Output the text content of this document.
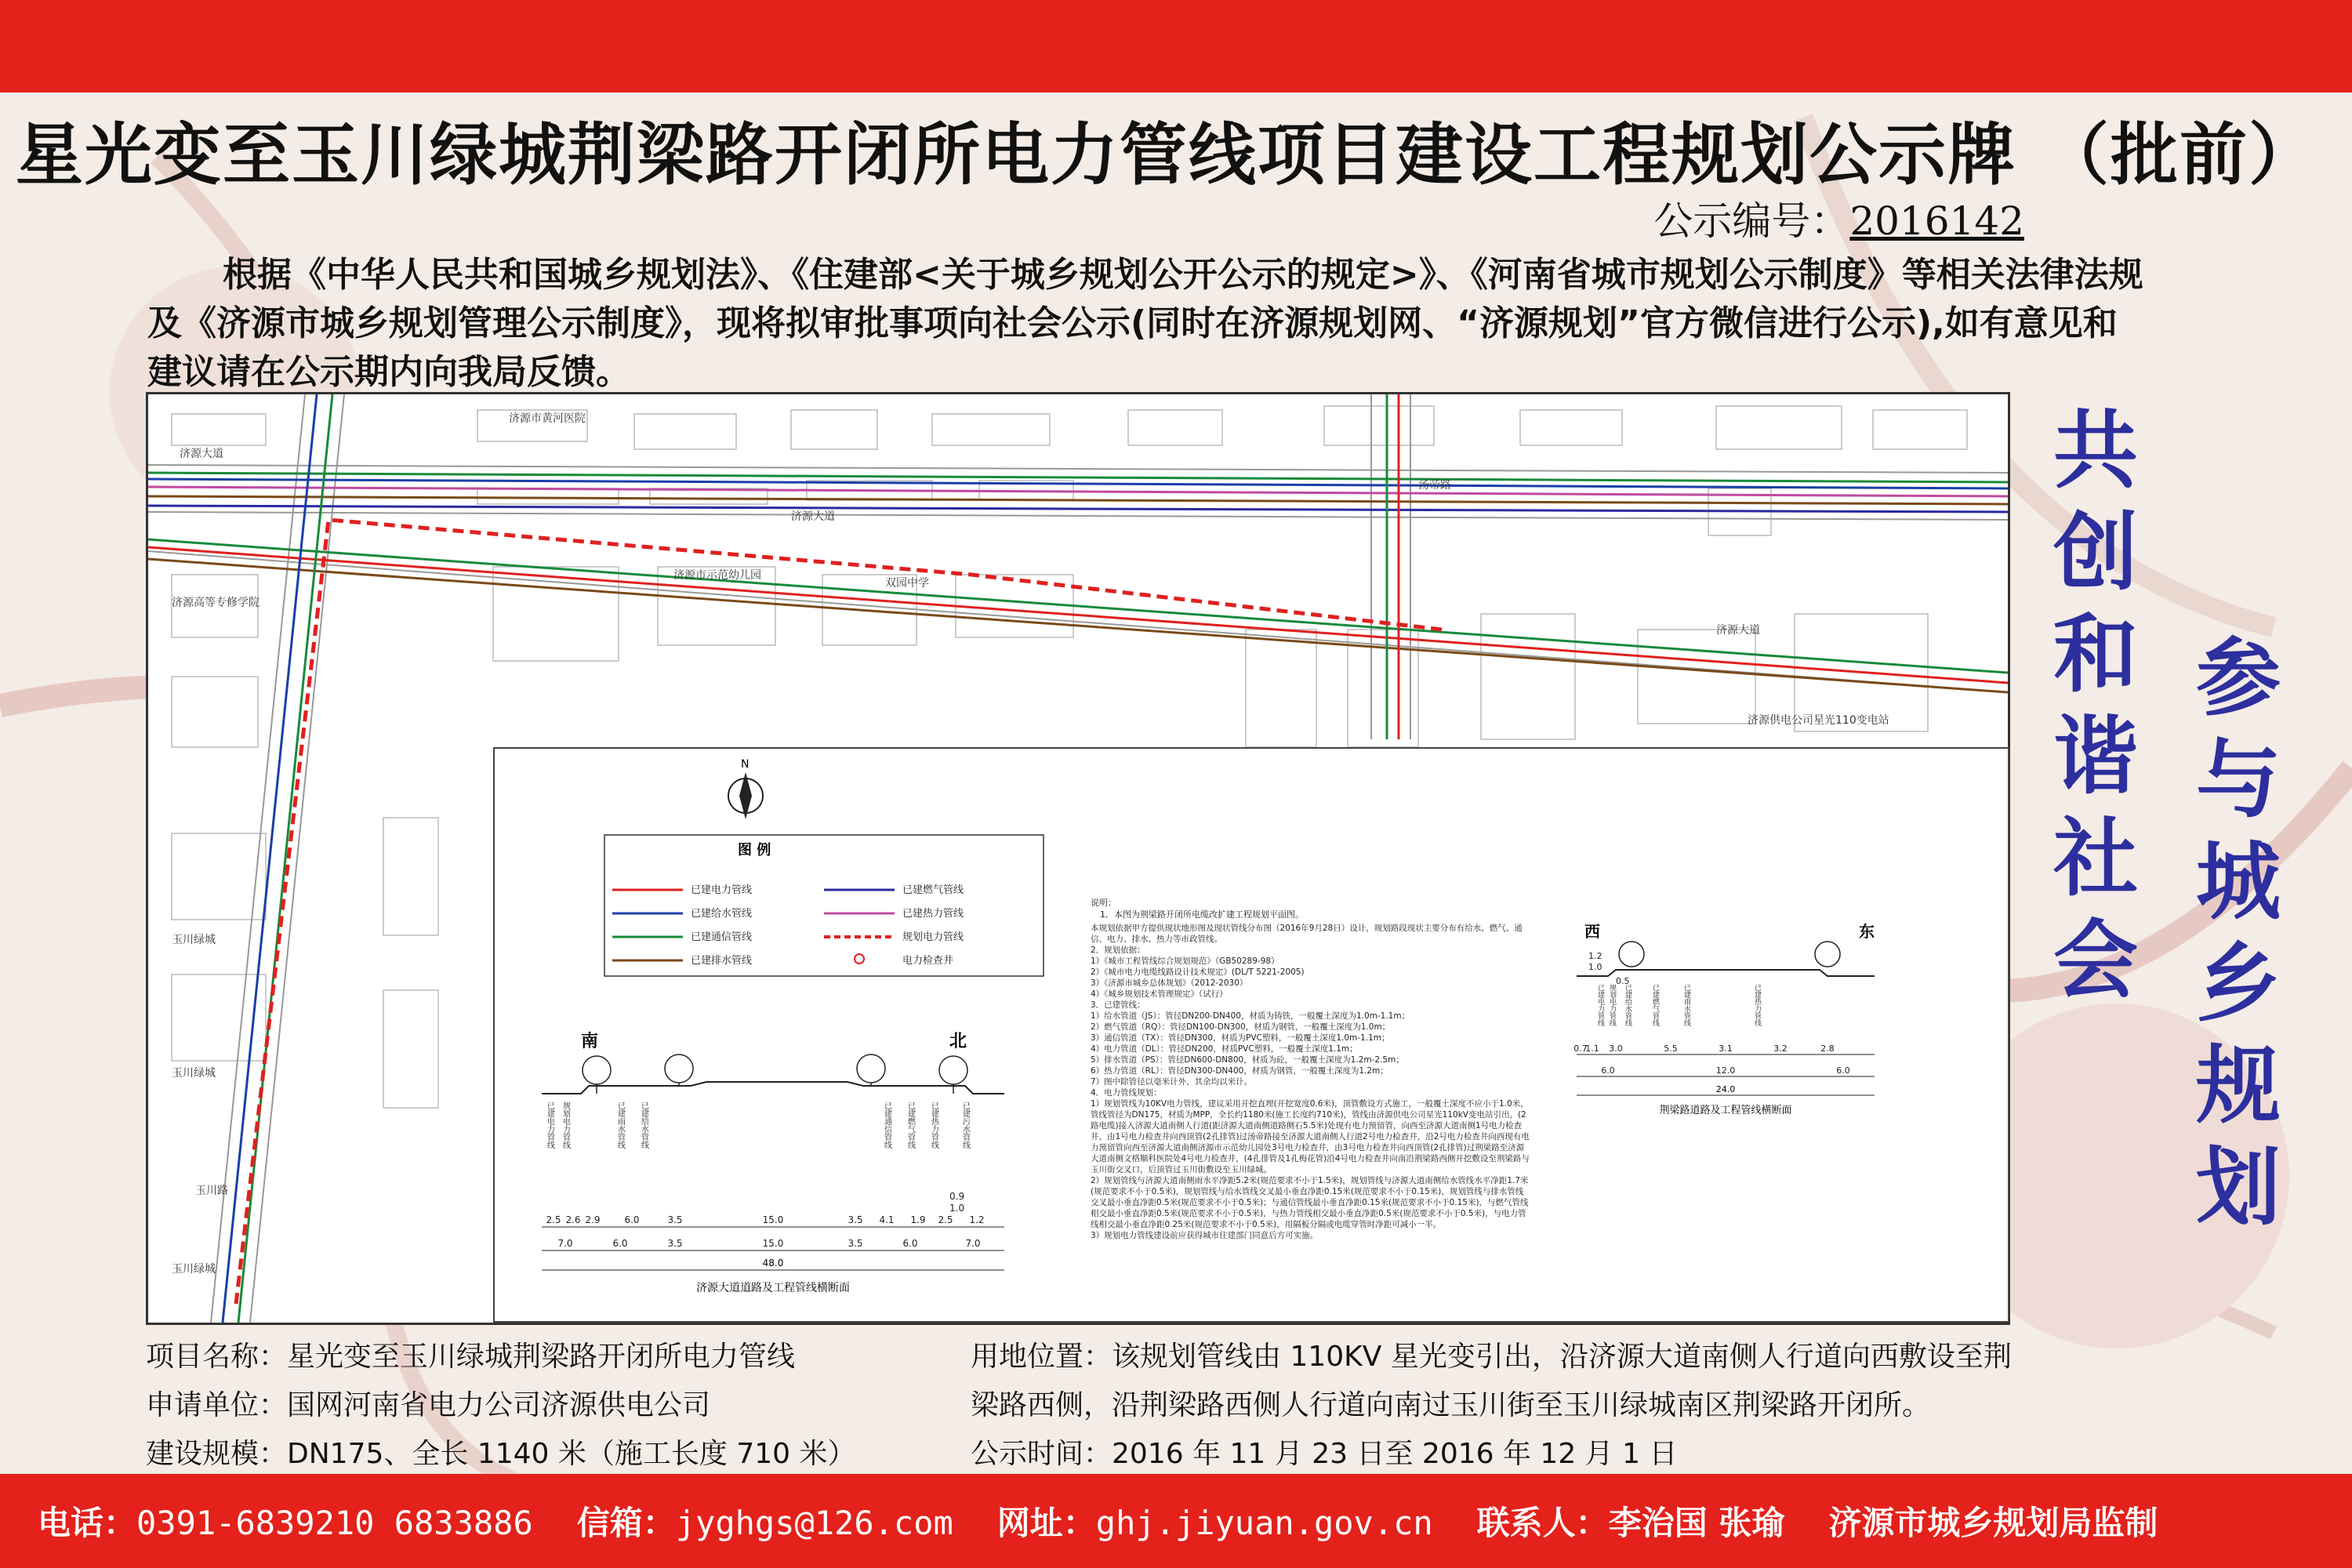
星光变至玉川绿城荆梁路开闭所电力管线项目建设工程规划公示牌 （批前）
公示编号：2016142
根据《中华人民共和国城乡规划法》、《住建部<关于城乡规划公开公示的规定>》、《河南省城市规划公示制度》等相关法律法规及《济源市城乡规划管理公示制度》，现将拟审批事项向社会公示(同时在济源规划网、“济源规划”官方微信进行公示),如有意见和建议请在公示期内向我局反馈。
济源市黄河医院
济源大道
济源大道
济源大道
济源高等专修学院
济源市示范幼儿园
双园中学
玉川绿城
玉川绿城
玉川绿城
玉川路
汤帝路
济源供电公司星光110变电站
N
图 例
已建电力管线	已建燃气管线
已建给水管线	已建热力管线
已建通信管线	规划电力管线
已建排水管线	电力检查井
南	北
已建电力管线 规划电力管线	已建雨水管线 已建给水管线	已建通信管线 已建燃气管线 已建热力管线	已建污水管线
0.9
1.0
2.5 2.6 2.9	6.0	3.5	15.0	3.5 4.1 1.9 2.5 1.2
7.0	6.0	3.5	15.0	3.5	6.0	7.0
48.0
济源大道道路及工程管线横断面
说明：
1．本图为荆梁路开闭所电缆改扩建工程规划平面图。
本规划依据甲方提供现状地形图及现状管线分布图（2016年9月28日）设计，规划路段现状主要分布有给水、燃气、通信、电力、排水、热力等市政管线。
2．规划依据：
1）《城市工程管线综合规划规范》（GB50289-98）
2）《城市电力电缆线路设计技术规定》(DL/T 5221-2005)
3）《济源市城乡总体规划》（2012-2030）
4）《城乡规划技术管理规定》（试行）
3．已建管线：
1）给水管道（JS）：管径DN200-DN400，材质为铸铁，一般覆土深度为1.0m-1.1m；
2）燃气管道（RQ）：管径DN100-DN300，材质为钢管，一般覆土深度为1.0m；
3）通信管道（TX）：管径DN300，材质为PVC塑料，一般覆土深度1.0m-1.1m；
4）电力管道（DL）：管径DN200，材质PVC塑料，一般覆土深度1.1m；
5）排水管道（PS）：管径DN600-DN800，材质为砼，一般覆土深度为1.2m-2.5m；
6）热力管道（RL）：管径DN300-DN400，材质为钢管，一般覆土深度为1.2m；
7）图中除管径以毫米计外，其余均以米计。
4．电力管线规划：
1）规划管线为10KV电力管线，建议采用开挖直埋(开挖宽度0.6米)，顶管敷设方式施工，一般覆土深度不应小于1.0米，管线管径为DN175，材质为MPP，全长约1180米(施工长度约710米)，管线由济源供电公司星光110kV变电站引出，(2路电缆)接入济源大道南侧人行道(距济源大道南侧道路侧石5.5米)处现有电力预留管，向西至济源大道南侧1号电力检查井，由1号电力检查井向西顶管(2孔排管)过汤帝路接至济源大道南侧人行道2号电力检查井，沿2号电力检查井向西现有电力预留管向西至济源大道南侧济源市示范幼儿园处3号电力检查井，由3号电力检查井向西顶管(2孔排管)过荆梁路至济源大道南侧文格顺科医院处4号电力检查井，(4孔排管及1孔梅花管)沿4号电力检查井向南沿荆梁路西侧开挖敷设至荆梁路与玉川街交叉口，后顶管过玉川街敷设至玉川绿城。
2）规划管线与济源大道南侧雨水平净距5.2米(规范要求不小于1.5米)，规划管线与济源大道南侧给水管线水平净距1.7米(规范要求不小于0.5米)，规划管线与给水管线交叉最小垂直净距0.15米(规范要求不小于0.15米)，规划管线与排水管线交叉最小垂直净距0.5米(规范要求不小于0.5米)；与通信管线最小垂直净距0.15米(规范要求不小于0.15米)，与燃气管线相交最小垂直净距0.5米(规范要求不小于0.5米)，与热力管线相交最小垂直净距0.5米(规范要求不小于0.5米)，与电力管线相交最小垂直净距0.25米(规范要求不小于0.5米)，用隔板分隔或电缆穿管时净距可减小一半。
3）规划电力管线建设前应获得城市住建部门同意后方可实施。
西	东
已建电力管线 规划电力管线 已建给水管线	已建燃气管线	已建雨水管线	已建热力管线
1.2
1.0
0.5
0.7
1.1 3.0	5.5	3.1	3.2	2.8
6.0	12.0	6.0
24.0
荆梁路道路及工程管线横断面
共创和谐社会
参与城乡规划
项目名称：星光变至玉川绿城荆梁路开闭所电力管线
申请单位：国网河南省电力公司济源供电公司
建设规模：DN175、全长 1140 米（施工长度 710 米）
用地位置：该规划管线由 110KV 星光变引出，沿济源大道南侧人行道向西敷设至荆梁路西侧，沿荆梁路西侧人行道向南过玉川街至玉川绿城南区荆梁路开闭所。
公示时间：2016 年 11 月 23 日至 2016 年 12 月 1 日
电话：0391-6839210 6833886 信箱：jyghgs@126.com 网址：ghj.jiyuan.gov.cn 联系人：李治国 张瑜 济源市城乡规划局监制
